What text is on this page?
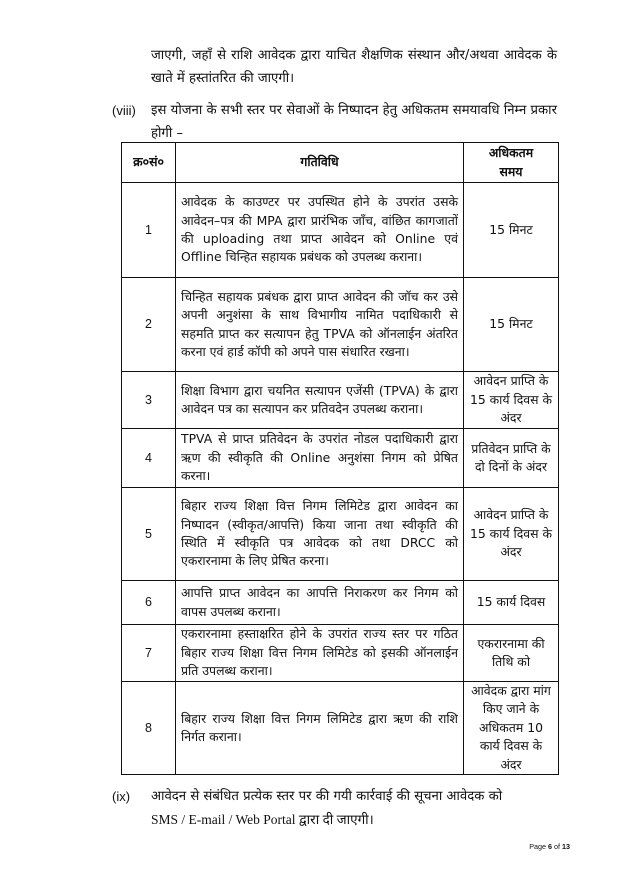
जाएगी, जहाँ से राशि आवेदक द्वारा याचित शैक्षणिक संस्थान और/अथवा आवेदक के खाते में हस्तांतरित की जाएगी।
(viii) इस योजना के सभी स्तर पर सेवाओं के निष्पादन हेतु अधिकतम समयावधि निम्न प्रकार होगी –
क्र०सं०	गतिविधि	अधिकतम समय
1	आवेदक के काउण्टर पर उपस्थित होने के उपरांत उसके आवेदन–पत्र की MPA द्वारा प्रारंभिक जाँच, वांछित कागजातों की uploading तथा प्राप्त आवेदन को Online एवं Offline चिन्हित सहायक प्रबंधक को उपलब्ध कराना।	15 मिनट
2	चिन्हित सहायक प्रबंधक द्वारा प्राप्त आवेदन की जॉच कर उसे अपनी अनुशंसा के साथ विभागीय नामित पदाधिकारी से सहमति प्राप्त कर सत्यापन हेतु TPVA को ऑनलाईन अंतरित करना एवं हार्ड कॉपी को अपने पास संधारित रखना।	15 मिनट
3	शिक्षा विभाग द्वारा चयनित सत्यापन एजेंसी (TPVA) के द्वारा आवेदन पत्र का सत्यापन कर प्रतिवदेन उपलब्ध कराना।	आवेदन प्राप्ति के 15 कार्य दिवस के अंदर
4	TPVA से प्राप्त प्रतिवेदन के उपरांत नोडल पदाधिकारी द्वारा ऋण की स्वीकृति की Online अनुशंसा निगम को प्रेषित करना।	प्रतिवेदन प्राप्ति के दो दिनों के अंदर
5	बिहार राज्य शिक्षा वित्त निगम लिमिटेड द्वारा आवेदन का निष्पादन (स्वीकृत/आपत्ति) किया जाना तथा स्वीकृति की स्थिति में स्वीकृति पत्र आवेदक को तथा DRCC को एकरारनामा के लिए प्रेषित करना।	आवेदन प्राप्ति के 15 कार्य दिवस के अंदर
6	आपत्ति प्राप्त आवेदन का आपत्ति निराकरण कर निगम को वापस उपलब्ध कराना।	15 कार्य दिवस
7	एकरारनामा हस्ताक्षरित होने के उपरांत राज्य स्तर पर गठित बिहार राज्य शिक्षा वित्त निगम लिमिटेड को इसकी ऑनलाईन प्रति उपलब्ध कराना।	एकरारनामा की तिथि को
8	बिहार राज्य शिक्षा वित्त निगम लिमिटेड द्वारा ऋण की राशि निर्गत कराना।	आवेदक द्वारा मांग किए जाने के अधिकतम 10 कार्य दिवस के अंदर
(ix) आवेदन से संबंधित प्रत्येक स्तर पर की गयी कार्रवाई की सूचना आवेदक को
SMS / E-mail / Web Portal द्वारा दी जाएगी।
Page 6 of 13
